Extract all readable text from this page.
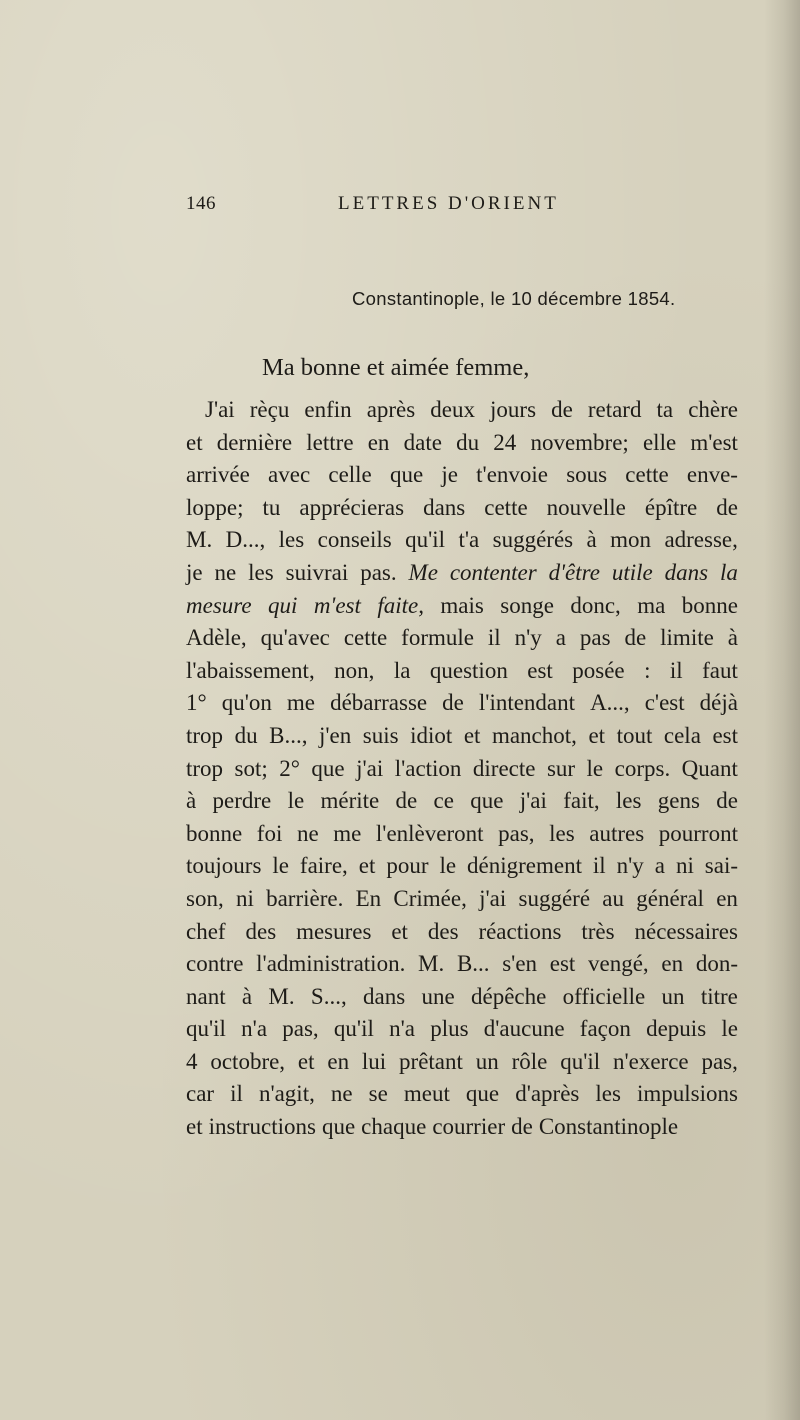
146	LETTRES D'ORIENT
Constantinople, le 10 décembre 1854.
Ma bonne et aimée femme,
J'ai rèçu enfin après deux jours de retard ta chère
et dernière lettre en date du 24 novembre; elle m'est
arrivée avec celle que je t'envoie sous cette enve-
loppe; tu apprécieras dans cette nouvelle épître de
M. D..., les conseils qu'il t'a suggérés à mon adresse,
je ne les suivrai pas. Me contenter d'être utile dans la
mesure qui m'est faite, mais songe donc, ma bonne
Adèle, qu'avec cette formule il n'y a pas de limite à
l'abaissement, non, la question est posée : il faut
1° qu'on me débarrasse de l'intendant A..., c'est déjà
trop du B..., j'en suis idiot et manchot, et tout cela est
trop sot; 2° que j'ai l'action directe sur le corps. Quant
à perdre le mérite de ce que j'ai fait, les gens de
bonne foi ne me l'enlèveront pas, les autres pourront
toujours le faire, et pour le dénigrement il n'y a ni sai-
son, ni barrière. En Crimée, j'ai suggéré au général en
chef des mesures et des réactions très nécessaires
contre l'administration. M. B... s'en est vengé, en don-
nant à M. S..., dans une dépêche officielle un titre
qu'il n'a pas, qu'il n'a plus d'aucune façon depuis le
4 octobre, et en lui prêtant un rôle qu'il n'exerce pas,
car il n'agit, ne se meut que d'après les impulsions
et instructions que chaque courrier de Constantinople
